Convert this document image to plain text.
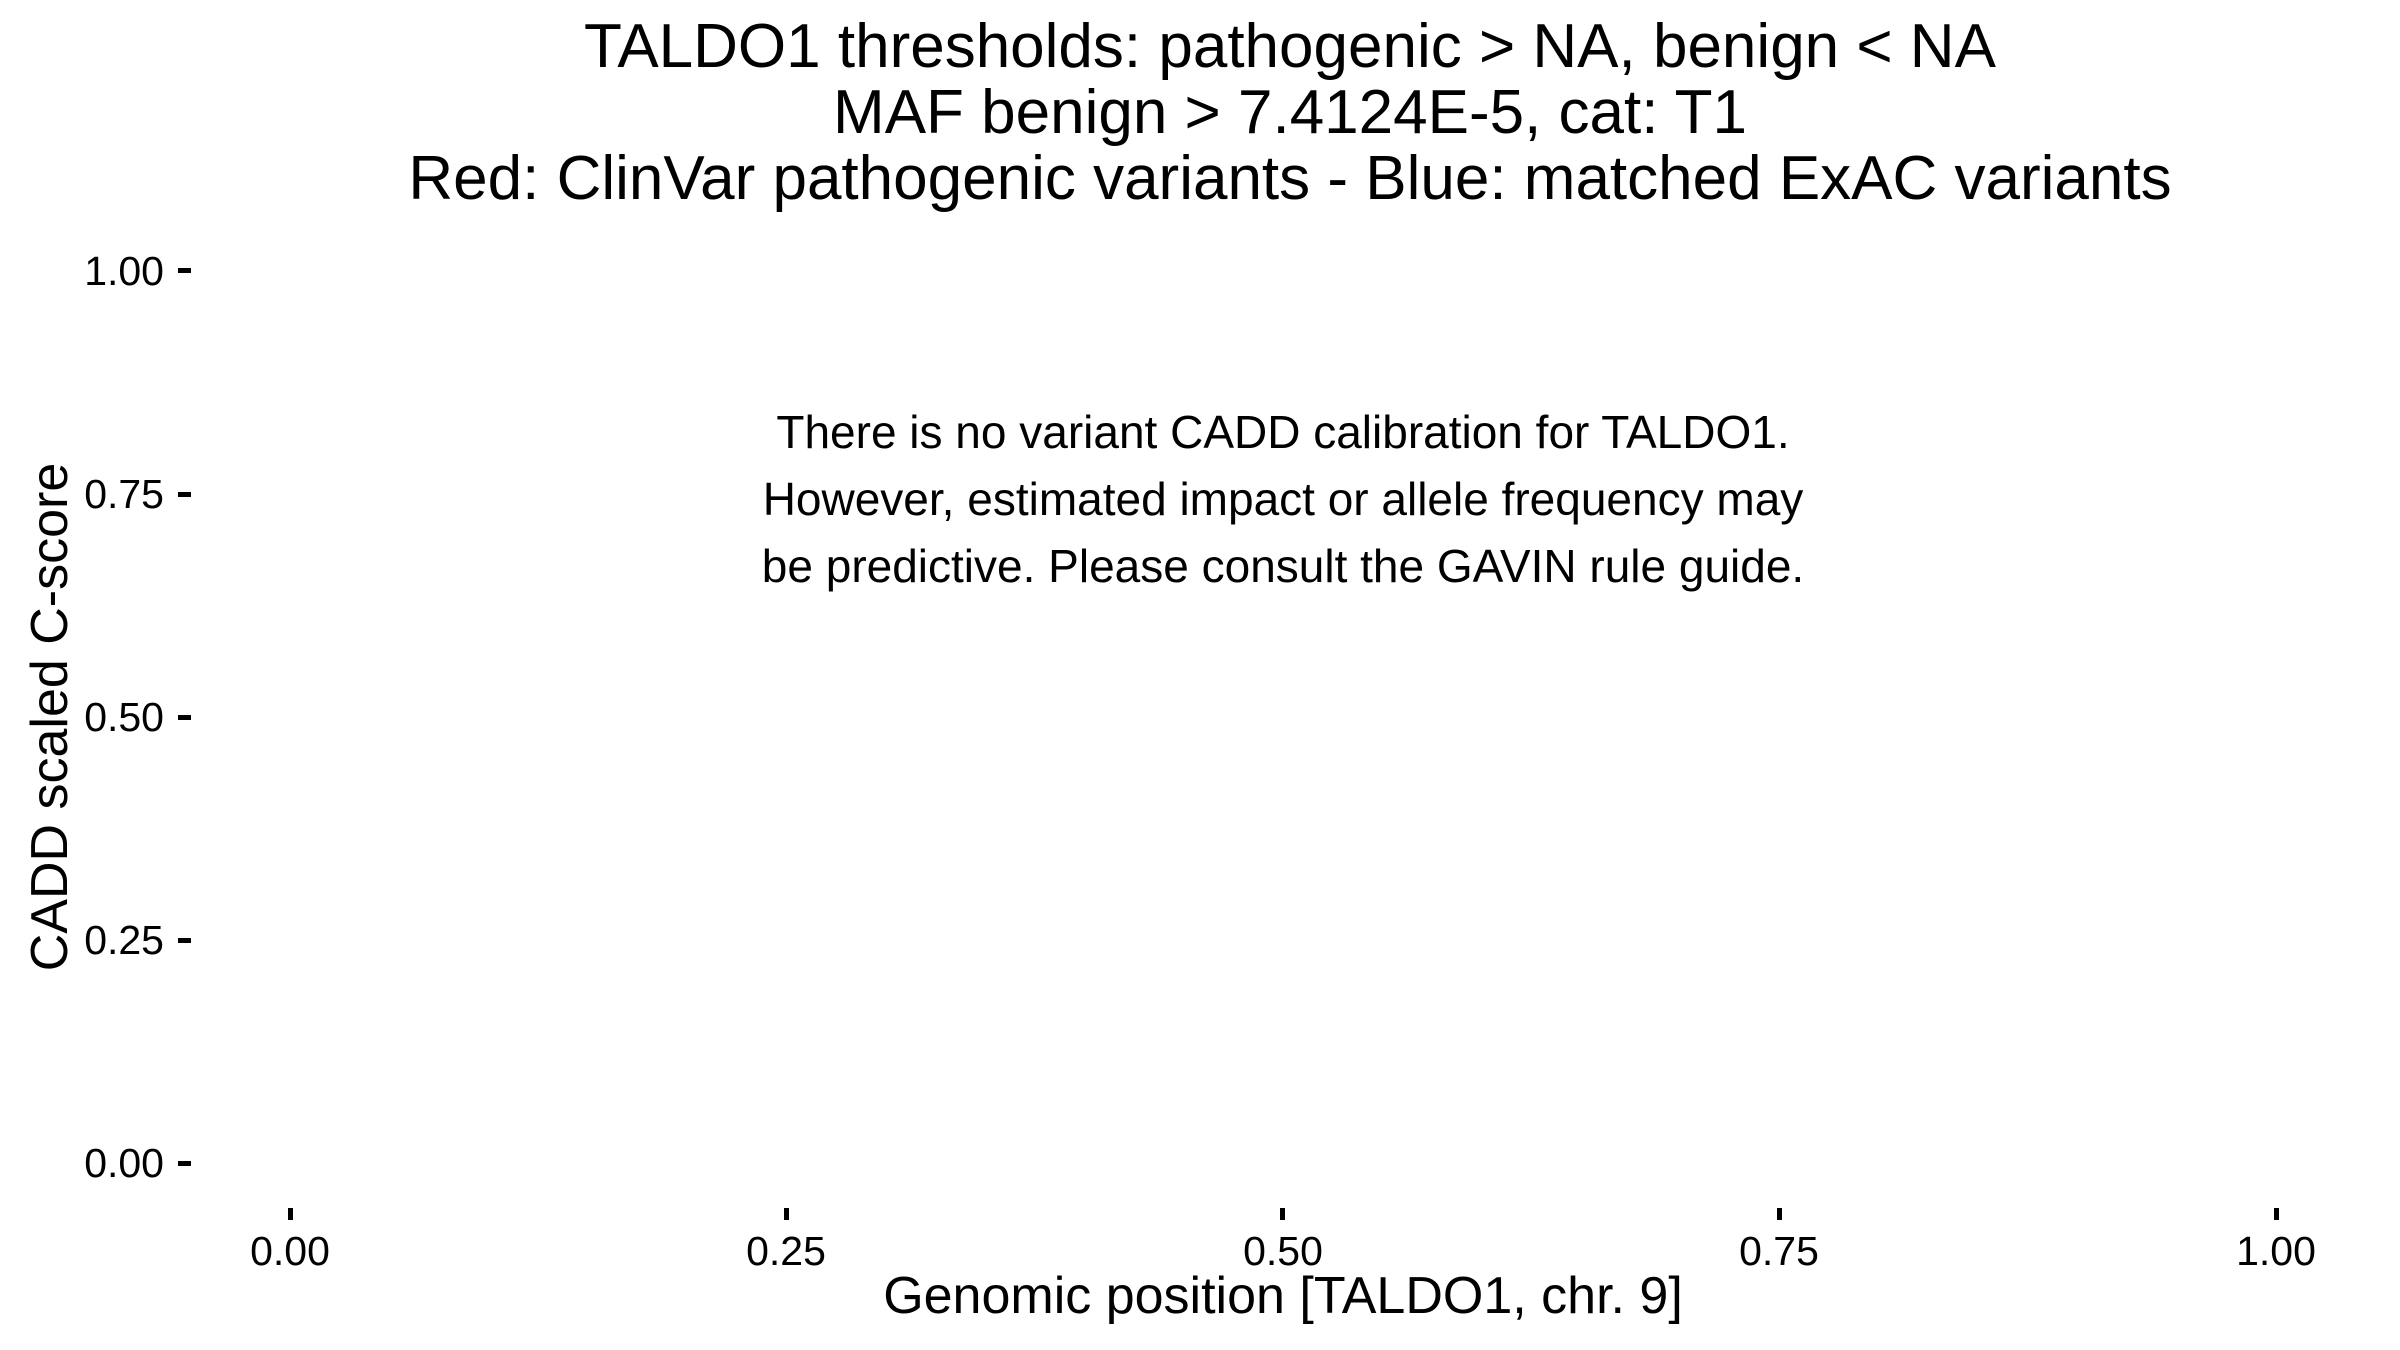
TALDO1 thresholds: pathogenic > NA, benign < NA
MAF benign > 7.4124E-5, cat: T1
Red: ClinVar pathogenic variants - Blue: matched ExAC variants
CADD scaled C-score
1.00
0.75
0.50
0.25
0.00
There is no variant CADD calibration for TALDO1.
However, estimated impact or allele frequency may
be predictive. Please consult the GAVIN rule guide.
0.00	0.25	0.50	0.75	1.00
Genomic position [TALDO1, chr. 9]
